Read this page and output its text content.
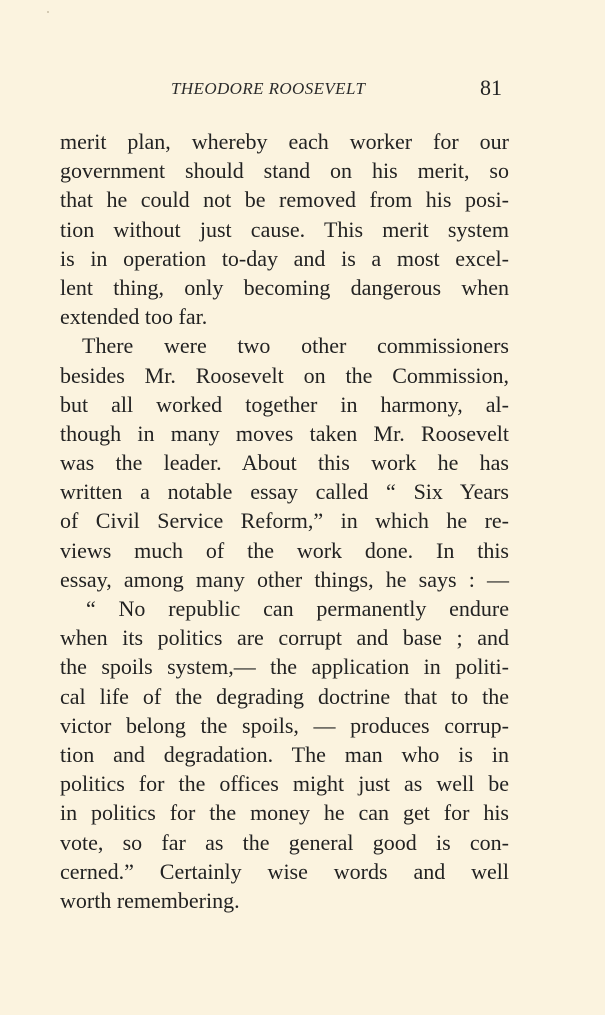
THEODORE ROOSEVELT	81
merit plan, whereby each worker for our
government should stand on his merit, so
that he could not be removed from his posi-
tion without just cause. This merit system
is in operation to-day and is a most excel-
lent thing, only becoming dangerous when
extended too far.
There were two other commissioners
besides Mr. Roosevelt on the Commission,
but all worked together in harmony, al-
though in many moves taken Mr. Roosevelt
was the leader. About this work he has
written a notable essay called “ Six Years
of Civil Service Reform,” in which he re-
views much of the work done. In this
essay, among many other things, he says : —
“ No republic can permanently endure
when its politics are corrupt and base ; and
the spoils system,— the application in politi-
cal life of the degrading doctrine that to the
victor belong the spoils, — produces corrup-
tion and degradation. The man who is in
politics for the offices might just as well be
in politics for the money he can get for his
vote, so far as the general good is con-
cerned.” Certainly wise words and well
worth remembering.
